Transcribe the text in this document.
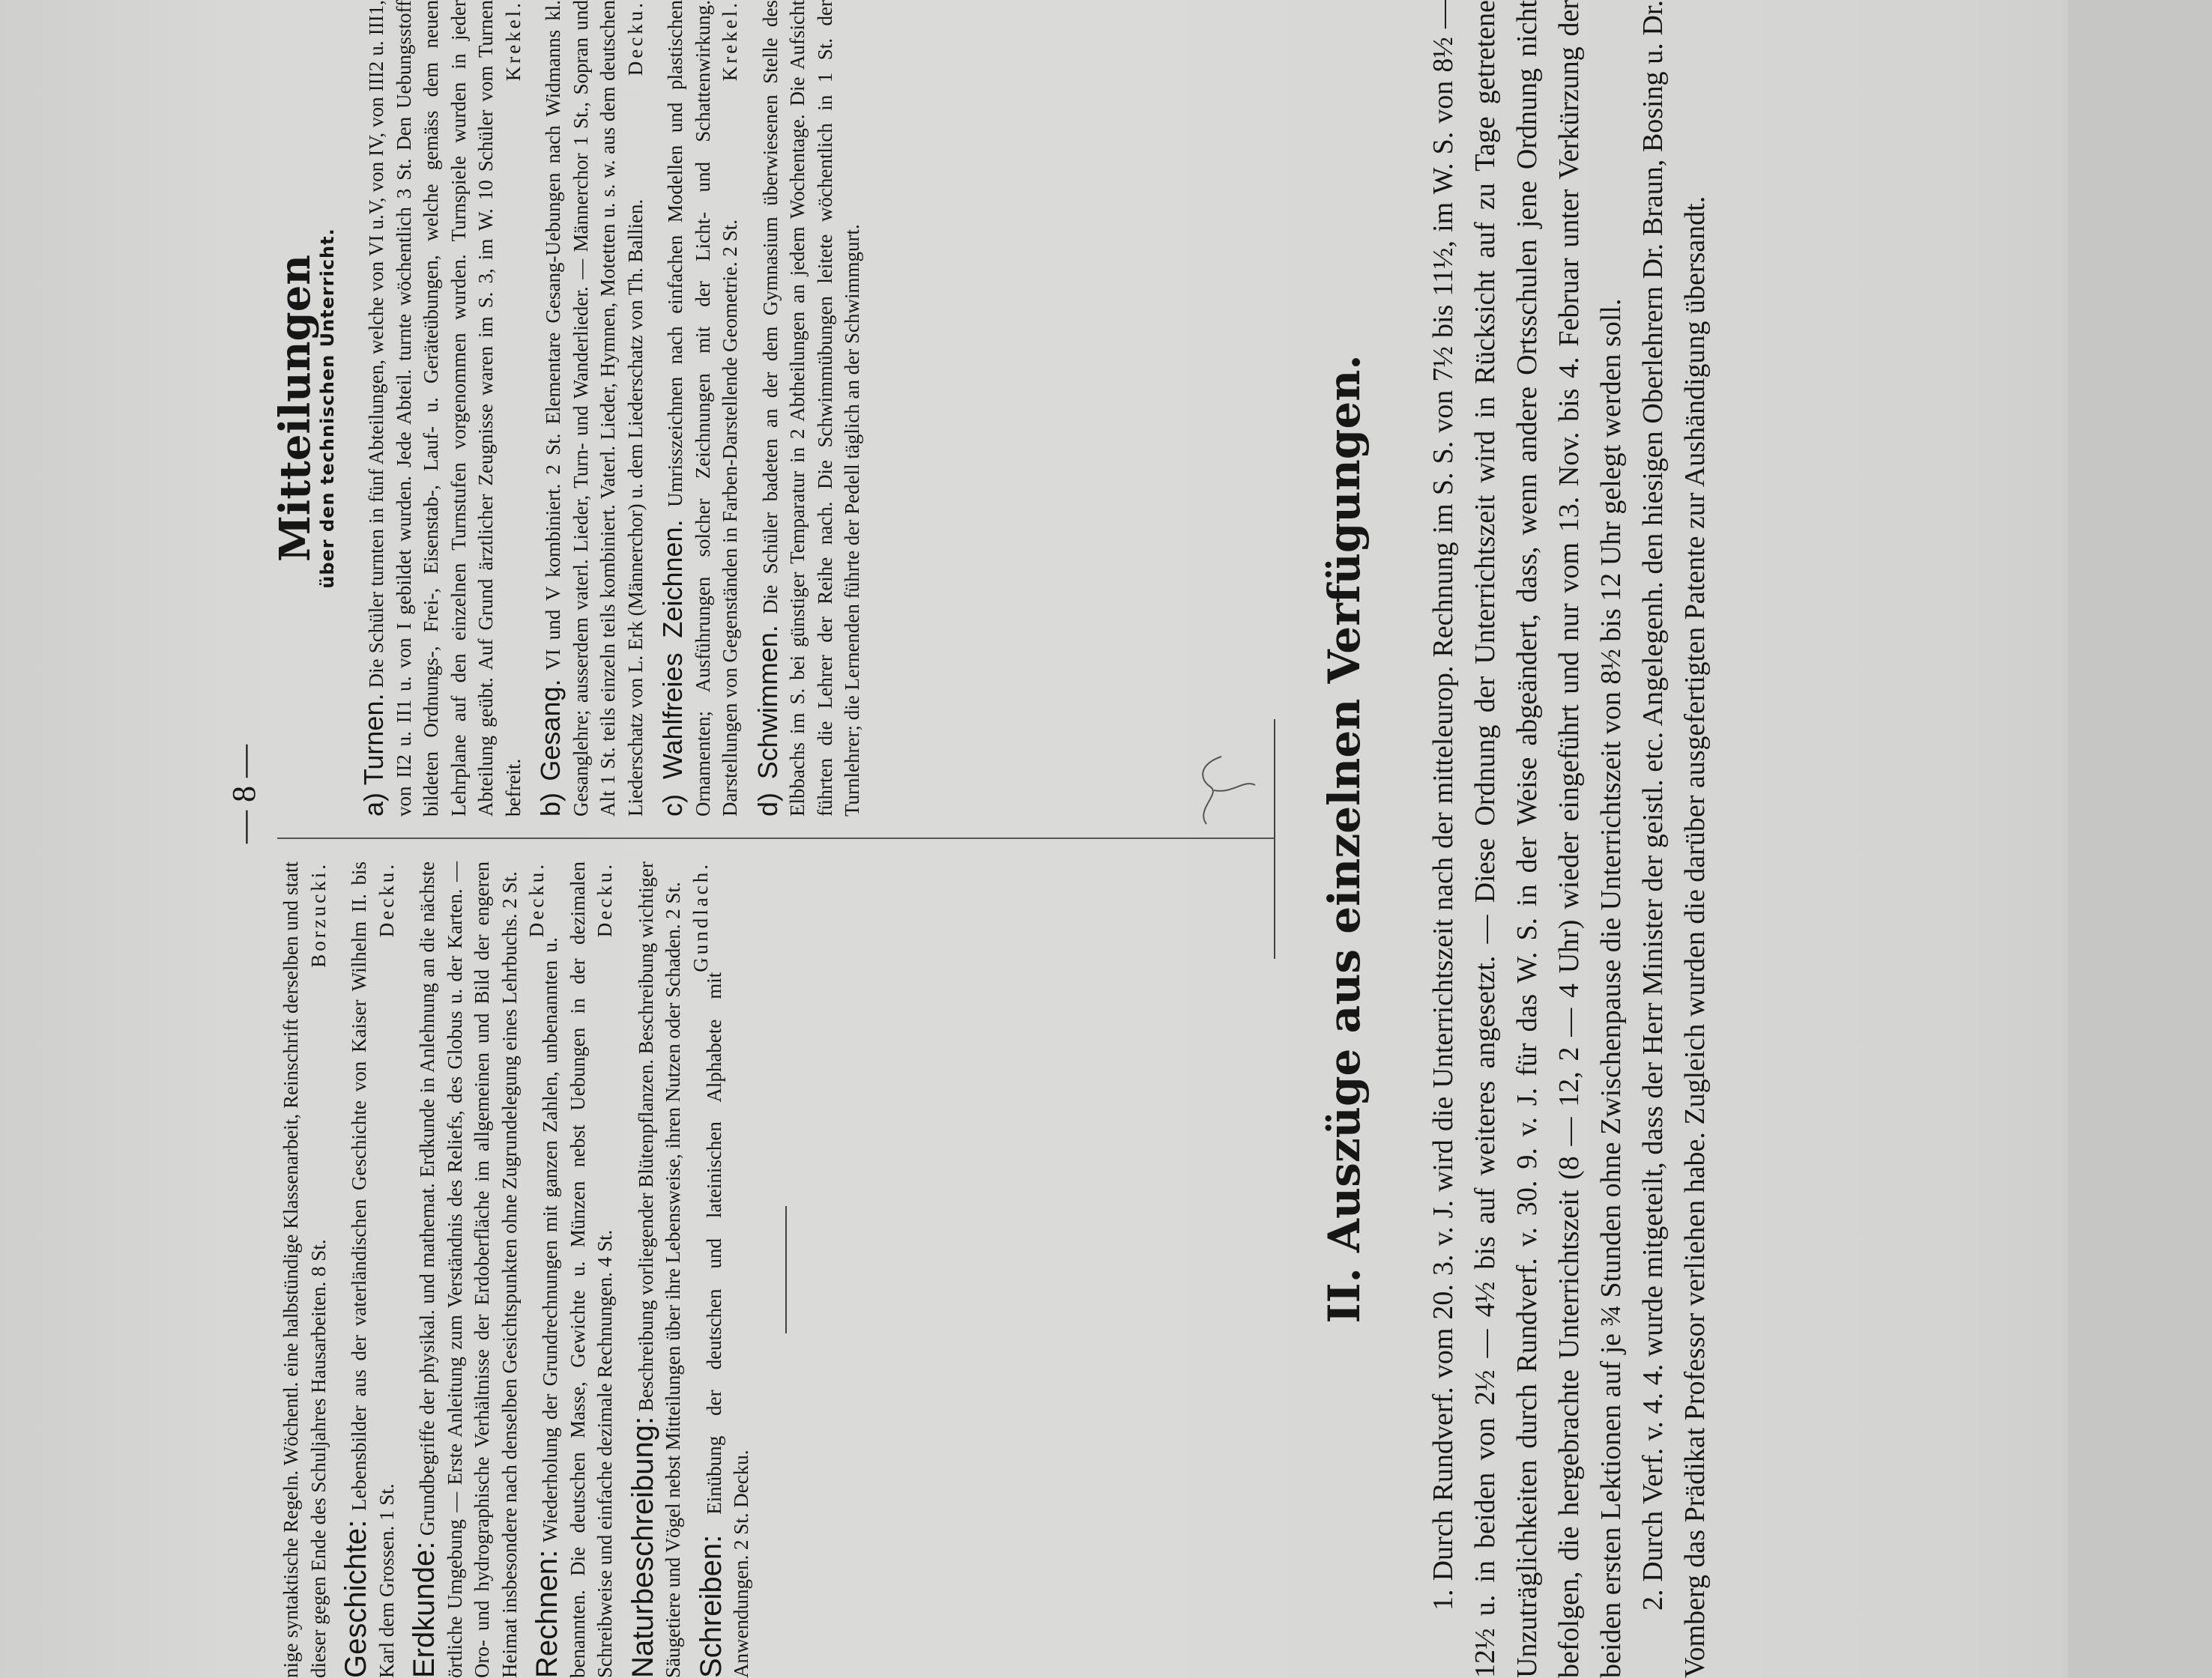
— 8 —

nige syntaktische Regeln. Wöchentl. eine halbstündige Klassenarbeit, Reinschrift derselben und statt dieser gegen Ende des Schuljahres Hausarbeiten. 8 St.
Borzucki.

Geschichte: Lebensbilder aus der vaterländischen Geschichte von Kaiser Wilhelm II. bis Karl dem Grossen. 1 St.
Decku.

Erdkunde: Grundbegriffe der physikal. und mathemat. Erdkunde in Anlehnung an die nächste örtliche Umgebung — Erste Anleitung zum Verständnis des Reliefs, des Globus u. der Karten. — Oro- und hydrographische Verhältnisse der Erdoberfläche im allgemeinen und Bild der engeren Heimat insbesondere nach denselben Gesichtspunkten ohne Zugrundelegung eines Lehrbuchs. 2 St. Decku.

Rechnen: Wiederholung der Grundrechnungen mit ganzen Zahlen, unbenannten u. benannten. Die deutschen Masse, Gewichte u. Münzen nebst Uebungen in der dezimalen Schreibweise und einfache dezimale Rechnungen. 4 St.
Decku.

Naturbeschreibung: Beschreibung vorliegender Blütenpflanzen. Beschreibung wichtiger Säugetiere und Vögel nebst Mitteilungen über ihre Lebensweise, ihren Nutzen oder Schaden. 2 St. Gundlach.

Schreiben: Einübung der deutschen und lateinischen Alphabete mit Anwendungen. 2 St. Decku.

Mitteilungen
über den technischen Unterricht.

a) Turnen. Die Schüler turnten in fünf Abteilungen, welche von VI u.V, von IV, von III2 u. III1, von II2 u. II1 u. von I gebildet wurden. Jede Abteil. turnte wöchentlich 3 St. Den Uebungsstoff bildeten Ordnungs-, Frei-, Eisenstab-, Lauf- u. Geräteübungen, welche gemäss dem neuen Lehrplane auf den einzelnen Turnstufen vorgenommen wurden. Turnspiele wurden in jeder Abteilung geübt. Auf Grund ärztlicher Zeugnisse waren im S. 3, im W. 10 Schüler vom Turnen befreit.
Krekel.

b) Gesang. VI und V kombiniert. 2 St. Elementare Gesang-Uebungen nach Widmanns kl. Gesanglehre; ausserdem vaterl. Lieder, Turn- und Wanderlieder. — Männerchor 1 St., Sopran und Alt 1 St. teils einzeln teils kombiniert. Vaterl. Lieder, Hymnen, Motetten u. s. w. aus dem deutschen Liederschatz von L. Erk (Männerchor) u. dem Liederschatz von Th. Ballien.
Decku.

c) Wahlfreies Zeichnen. Umrisszeichnen nach einfachen Modellen und plastischen Ornamenten; Ausführungen solcher Zeichnungen mit der Licht- und Schattenwirkung. Darstellungen von Gegenständen in Farben-Darstellende Geometrie. 2 St.
Krekel.

d) Schwimmen. Die Schüler badeten an der dem Gymnasium überwiesenen Stelle des Elbbachs im S. bei günstiger Temparatur in 2 Abtheilungen an jedem Wochentage. Die Aufsicht führten die Lehrer der Reihe nach. Die Schwimmübungen leitete wöchentlich in 1 St. der Turnlehrer; die Lernenden führte der Pedell täglich an der Schwimmgurt.	II. Auszüge aus einzelnen Verfügungen. 1. Durch Rundverf. vom 20. 3. v. J. wird die Unterrichtszeit nach der mitteleurop. Rechnung im S. S. von 7½ bis 11½, im W. S. von 8½ — 12½ u. in beiden von 2½ — 4½ bis auf weiteres angesetzt. — Diese Ordnung der Unterrichtszeit wird in Rücksicht auf zu Tage getretene Unzuträglichkeiten durch Rundverf. v. 30. 9. v. J. für das W. S. in der Weise abgeändert, dass, wenn andere Ortsschulen jene Ordnung nicht befolgen, die hergebrachte Unterrichtszeit (8 — 12, 2 — 4 Uhr) wieder eingeführt und nur vom 13. Nov. bis 4. Februar unter Verkürzung der beiden ersten Lektionen auf je ¾ Stunden ohne Zwischenpause die Unterrichtszeit von 8½ bis 12 Uhr gelegt werden soll. 2. Durch Verf. v. 4. 4. wurde mitgeteilt, dass der Herr Minister der geistl. etc. Angelegenh. den hiesigen Oberlehrern Dr. Braun, Bosing u. Dr. Vomberg das Prädikat Professor verliehen habe. Zugleich wurden die darüber ausgefertigten Patente zur Aushändigung übersandt.
